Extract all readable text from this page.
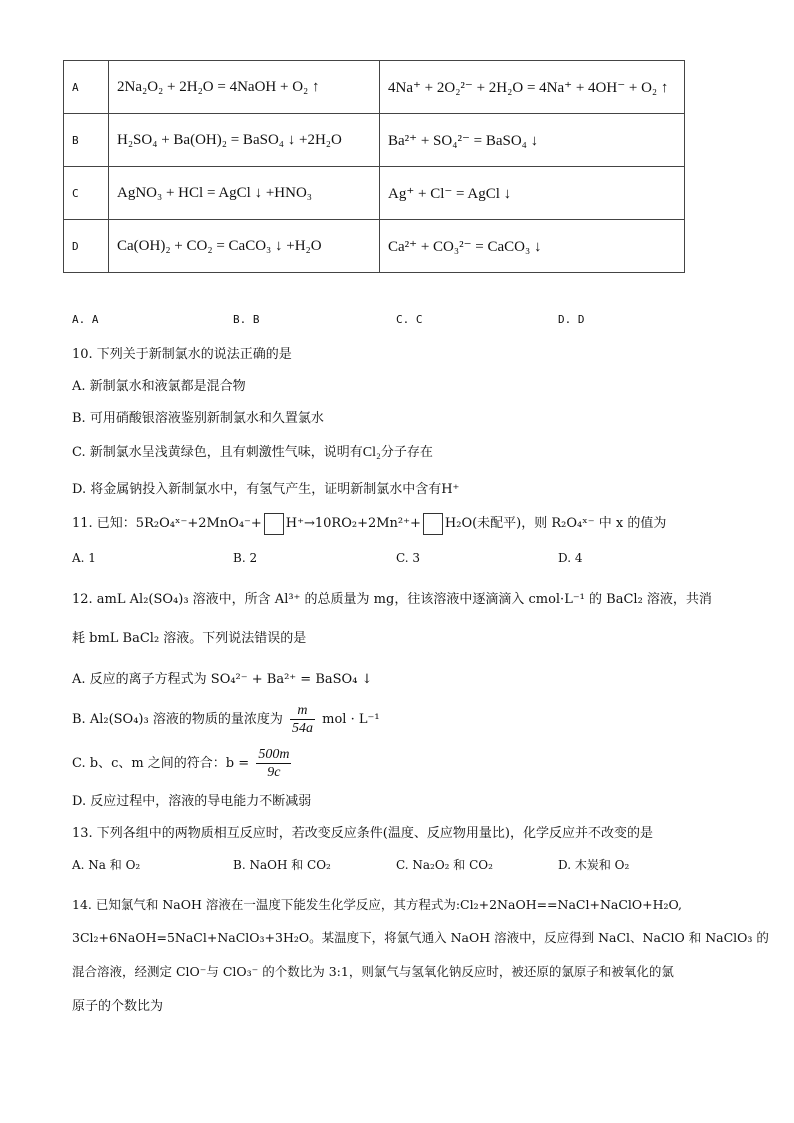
A	2Na₂O₂ + 2H₂O = 4NaOH + O₂ ↑	4Na⁺ + 2O₂²⁻ + 2H₂O = 4Na⁺ + 4OH⁻ + O₂ ↑
B	H₂SO₄ + Ba(OH)₂ = BaSO₄ ↓ +2H₂O	Ba²⁺ + SO₄²⁻ = BaSO₄ ↓
C	AgNO₃ + HCl = AgCl ↓ +HNO₃	Ag⁺ + Cl⁻ = AgCl ↓
D	Ca(OH)₂ + CO₂ = CaCO₃ ↓ +H₂O	Ca²⁺ + CO₃²⁻ = CaCO₃ ↓
A. A	B. B	C. C	D. D
10. 下列关于新制氯水的说法正确的是
A. 新制氯水和液氯都是混合物
B. 可用硝酸银溶液鉴别新制氯水和久置氯水
C. 新制氯水呈浅黄绿色，且有刺激性气味，说明有Cl₂分子存在
D. 将金属钠投入新制氯水中，有氢气产生，证明新制氯水中含有H⁺
11. 已知：5R₂O₄ˣ⁻+2MnO₄⁻+ H⁺→10RO₂+2Mn²⁺+ H₂O(未配平)，则 R₂O₄ˣ⁻ 中 x 的值为
A. 1	B. 2	C. 3	D. 4
12. amL Al₂(SO₄)₃ 溶液中，所含 Al³⁺ 的总质量为 mg，往该溶液中逐滴滴入 cmol·L⁻¹ 的 BaCl₂ 溶液，共消
耗 bmL BaCl₂ 溶液。下列说法错误的是
A. 反应的离子方程式为 SO₄²⁻ + Ba²⁺ = BaSO₄ ↓
B. Al₂(SO₄)₃ 溶液的物质的量浓度为 $\frac{m}{54a}$ mol · L⁻¹
C. b、c、m 之间的符合：$b = \frac{500m}{9c}$
D. 反应过程中，溶液的导电能力不断减弱
13. 下列各组中的两物质相互反应时，若改变反应条件(温度、反应物用量比)，化学反应并不改变的是
A. Na 和 O₂	B. NaOH 和 CO₂	C. Na₂O₂ 和 CO₂	D. 木炭和 O₂
14. 已知氯气和 NaOH 溶液在一温度下能发生化学反应，其方程式为:Cl₂+2NaOH==NaCl+NaClO+H₂O,
3Cl₂+6NaOH=5NaCl+NaClO₃+3H₂O。某温度下，将氯气通入 NaOH 溶液中，反应得到 NaCl、NaClO 和 NaClO₃ 的
混合溶液，经测定 ClO⁻与 ClO₃⁻ 的个数比为 3:1，则氯气与氢氧化钠反应时，被还原的氯原子和被氧化的氯
原子的个数比为
